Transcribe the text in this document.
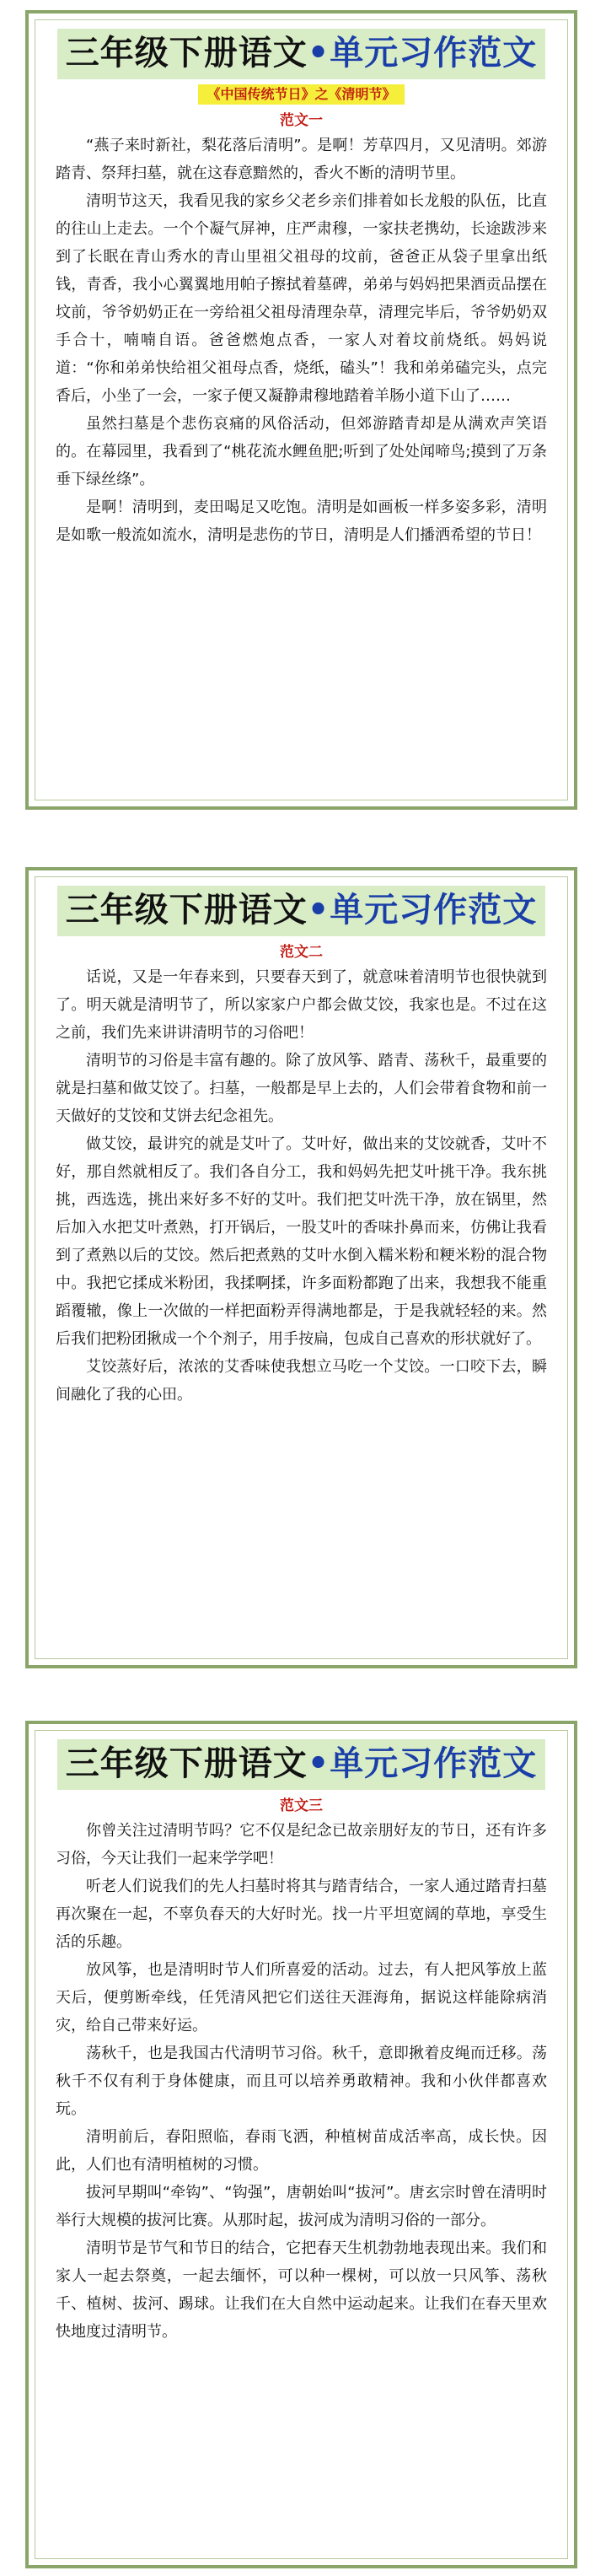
三年级下册语文•单元习作范文
《中国传统节日》之《清明节》
范文一

“燕子来时新社，梨花落后清明”。是啊！芳草四月，又见清明。郊游踏青、祭拜扫墓，就在这春意黯然的，香火不断的清明节里。

清明节这天，我看见我的家乡父老乡亲们排着如长龙般的队伍，比直的往山上走去。一个个凝气屏神，庄严肃穆，一家扶老携幼，长途跋涉来到了长眠在青山秀水的青山里祖父祖母的坟前，爸爸正从袋子里拿出纸钱，青香，我小心翼翼地用帕子擦拭着墓碑，弟弟与妈妈把果酒贡品摆在坟前，爷爷奶奶正在一旁给祖父祖母清理杂草，清理完毕后，爷爷奶奶双手合十，喃喃自语。爸爸燃炮点香，一家人对着坟前烧纸。妈妈说道：“你和弟弟快给祖父祖母点香，烧纸，磕头”！我和弟弟磕完头，点完香后，小坐了一会，一家子便又凝静肃穆地踏着羊肠小道下山了……

虽然扫墓是个悲伤哀痛的风俗活动，但郊游踏青却是从满欢声笑语的。在幕园里，我看到了“桃花流水鲤鱼肥;听到了处处闻啼鸟;摸到了万条垂下绿丝绦”。

是啊！清明到，麦田喝足又吃饱。清明是如画板一样多姿多彩，清明是如歌一般流如流水，清明是悲伤的节日，清明是人们播洒希望的节日！

三年级下册语文•单元习作范文
范文二

话说，又是一年春来到，只要春天到了，就意味着清明节也很快就到了。明天就是清明节了，所以家家户户都会做艾饺，我家也是。不过在这之前，我们先来讲讲清明节的习俗吧！

清明节的习俗是丰富有趣的。除了放风筝、踏青、荡秋千，最重要的就是扫墓和做艾饺了。扫墓，一般都是早上去的，人们会带着食物和前一天做好的艾饺和艾饼去纪念祖先。

做艾饺，最讲究的就是艾叶了。艾叶好，做出来的艾饺就香，艾叶不好，那自然就相反了。我们各自分工，我和妈妈先把艾叶挑干净。我东挑挑，西选选，挑出来好多不好的艾叶。我们把艾叶洗干净，放在锅里，然后加入水把艾叶煮熟，打开锅后，一股艾叶的香味扑鼻而来，仿佛让我看到了煮熟以后的艾饺。然后把煮熟的艾叶水倒入糯米粉和粳米粉的混合物中。我把它揉成米粉团，我揉啊揉，许多面粉都跑了出来，我想我不能重蹈覆辙，像上一次做的一样把面粉弄得满地都是，于是我就轻轻的来。然后我们把粉团揪成一个个剂子，用手按扁，包成自己喜欢的形状就好了。

艾饺蒸好后，浓浓的艾香味使我想立马吃一个艾饺。一口咬下去，瞬间融化了我的心田。

三年级下册语文•单元习作范文
范文三

你曾关注过清明节吗？它不仅是纪念已故亲朋好友的节日，还有许多习俗，今天让我们一起来学学吧！

听老人们说我们的先人扫墓时将其与踏青结合，一家人通过踏青扫墓再次聚在一起，不辜负春天的大好时光。找一片平坦宽阔的草地，享受生活的乐趣。

放风筝，也是清明时节人们所喜爱的活动。过去，有人把风筝放上蓝天后，便剪断牵线，任凭清风把它们送往天涯海角，据说这样能除病消灾，给自己带来好运。

荡秋千，也是我国古代清明节习俗。秋千，意即揪着皮绳而迁移。荡秋千不仅有利于身体健康，而且可以培养勇敢精神。我和小伙伴都喜欢玩。

清明前后，春阳照临，春雨飞洒，种植树苗成活率高，成长快。因此，人们也有清明植树的习惯。

拔河早期叫“牵钩”、“钩强”，唐朝始叫“拔河”。唐玄宗时曾在清明时举行大规模的拔河比赛。从那时起，拔河成为清明习俗的一部分。

清明节是节气和节日的结合，它把春天生机勃勃地表现出来。我们和家人一起去祭奠，一起去缅怀，可以种一棵树，可以放一只风筝、荡秋千、植树、拔河、踢球。让我们在大自然中运动起来。让我们在春天里欢快地度过清明节。
